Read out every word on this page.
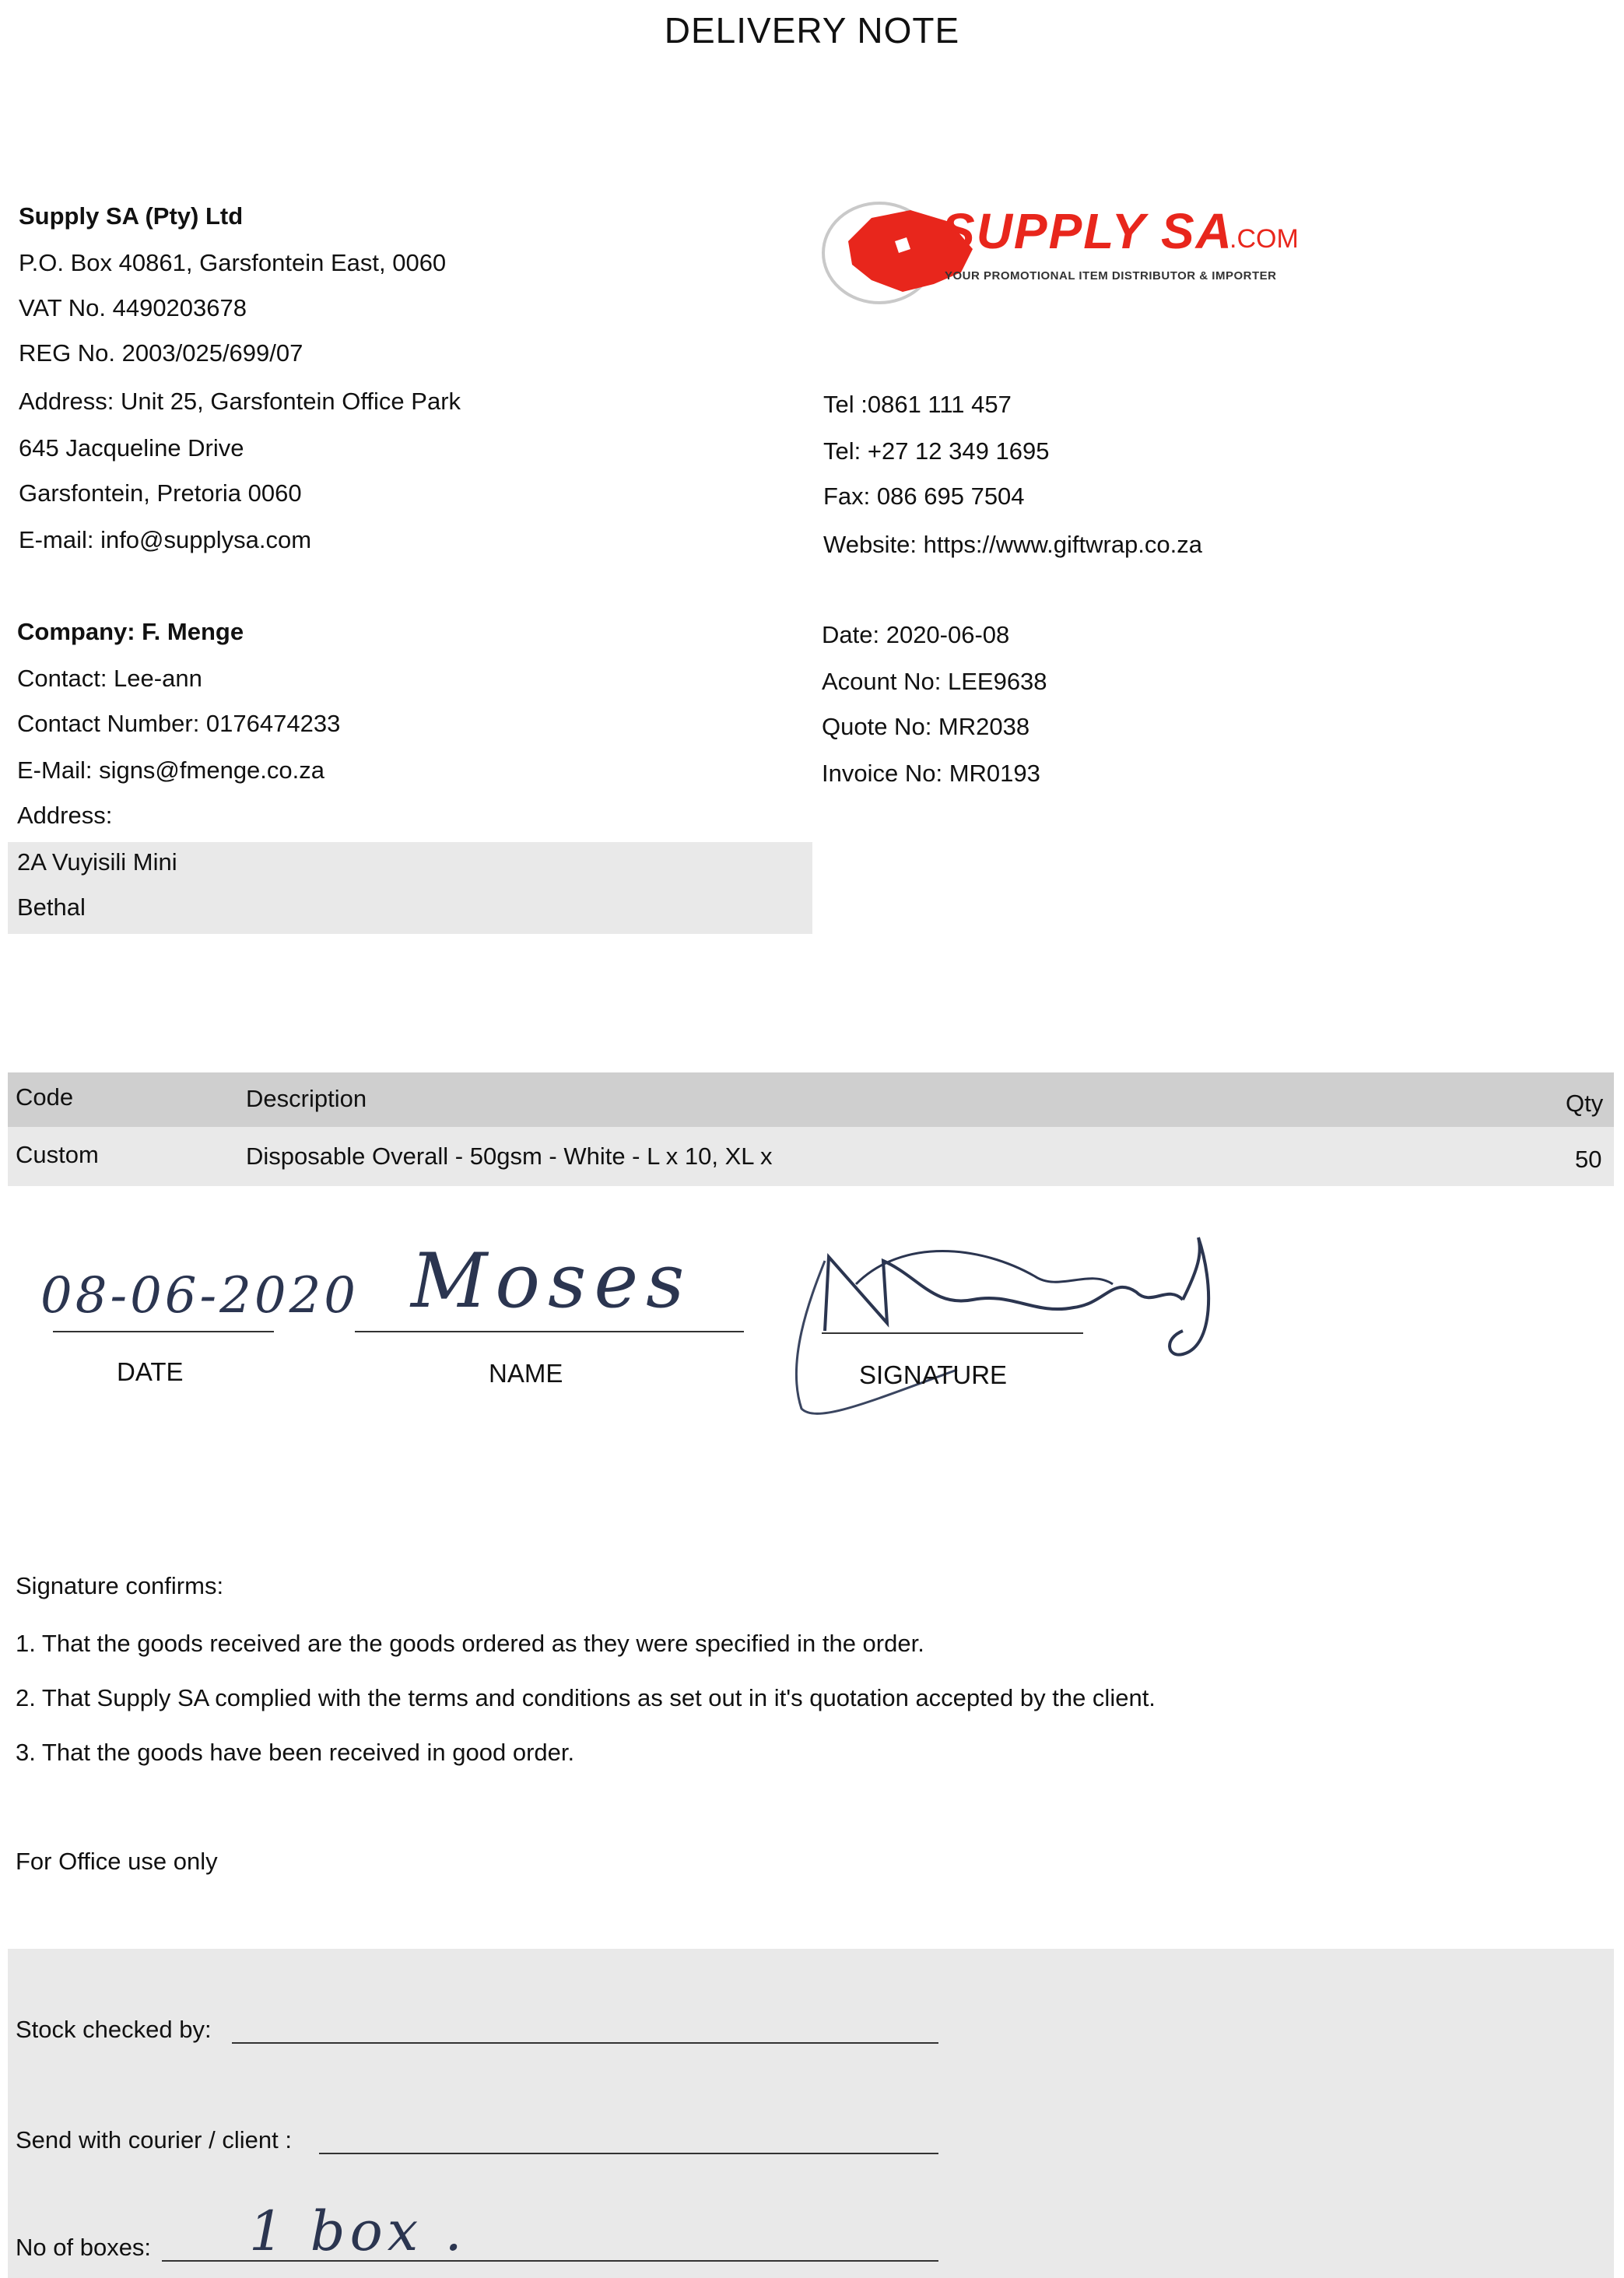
DELIVERY NOTE
Supply SA (Pty) Ltd
P.O. Box 40861, Garsfontein East, 0060
VAT No. 4490203678
REG No. 2003/025/699/07
Address: Unit 25, Garsfontein Office Park
645 Jacqueline Drive
Garsfontein, Pretoria 0060
E-mail: info@supplysa.com
SUPPLY SA
.COM
YOUR PROMOTIONAL ITEM DISTRIBUTOR & IMPORTER
Tel :0861 111 457
Tel: +27 12 349 1695
Fax: 086 695 7504
Website: https://www.giftwrap.co.za
Company: F. Menge
Contact: Lee-ann
Contact Number: 0176474233
E-Mail: signs@fmenge.co.za
Address:
2A Vuyisili Mini
Bethal
Date: 2020-06-08
Acount No: LEE9638
Quote No: MR2038
Invoice No: MR0193
Code	Description	Qty
Custom	Disposable Overall - 50gsm - White - L x 10, XL x	50
08-06-2020
DATE
Moses
NAME	SIGNATURE
Signature confirms:
1. That the goods received are the goods ordered as they were specified in the order.
2. That Supply SA complied with the terms and conditions as set out in it's quotation accepted by the client.
3. That the goods have been received in good order.
For Office use only
Stock checked by:
Send with courier / client :
No of boxes: 1 box .
